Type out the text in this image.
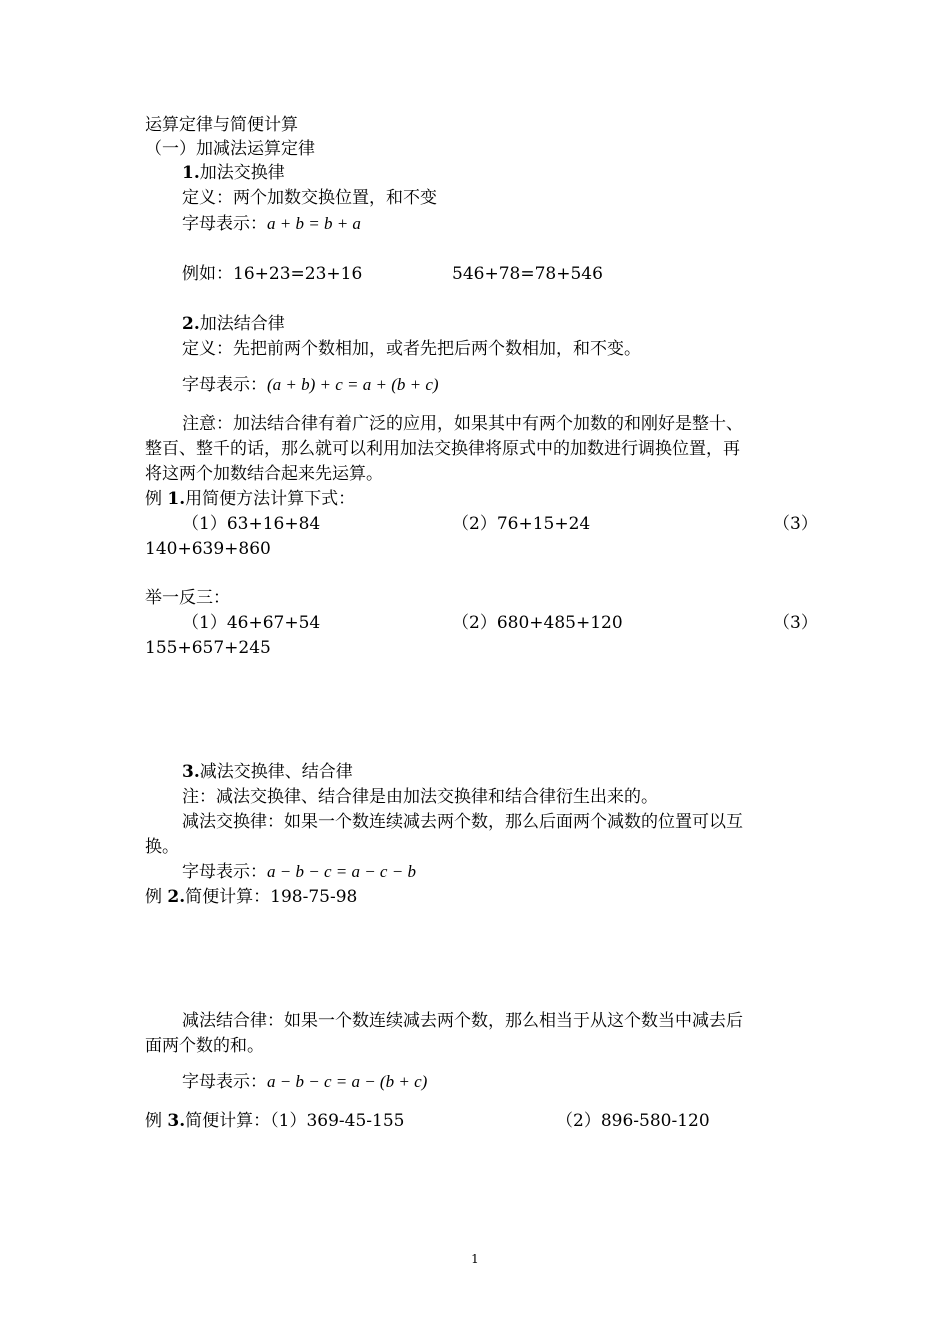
运算定律与简便计算
（一）加减法运算定律
1.加法交换律
定义：两个加数交换位置，和不变
字母表示：a + b = b + a
例如：16+23=23+16	546+78=78+546
2.加法结合律
定义：先把前两个数相加，或者先把后两个数相加，和不变。
字母表示：(a + b) + c = a + (b + c)
注意：加法结合律有着广泛的应用，如果其中有两个加数的和刚好是整十、
整百、整千的话，那么就可以利用加法交换律将原式中的加数进行调换位置，再
将这两个加数结合起来先运算。
例 1.用简便方法计算下式：
（1）63+16+84	（2）76+15+24	（3）
140+639+860
举一反三：
（1）46+67+54	（2）680+485+120	（3）
155+657+245
3.减法交换律、结合律
注：减法交换律、结合律是由加法交换律和结合律衍生出来的。
减法交换律：如果一个数连续减去两个数，那么后面两个减数的位置可以互
换。
字母表示：a − b − c = a − c − b
例 2.简便计算：198-75-98
减法结合律：如果一个数连续减去两个数，那么相当于从这个数当中减去后
面两个数的和。
字母表示：a − b − c = a − (b + c)
例 3.简便计算：（1）369-45-155	（2）896-580-120
1
